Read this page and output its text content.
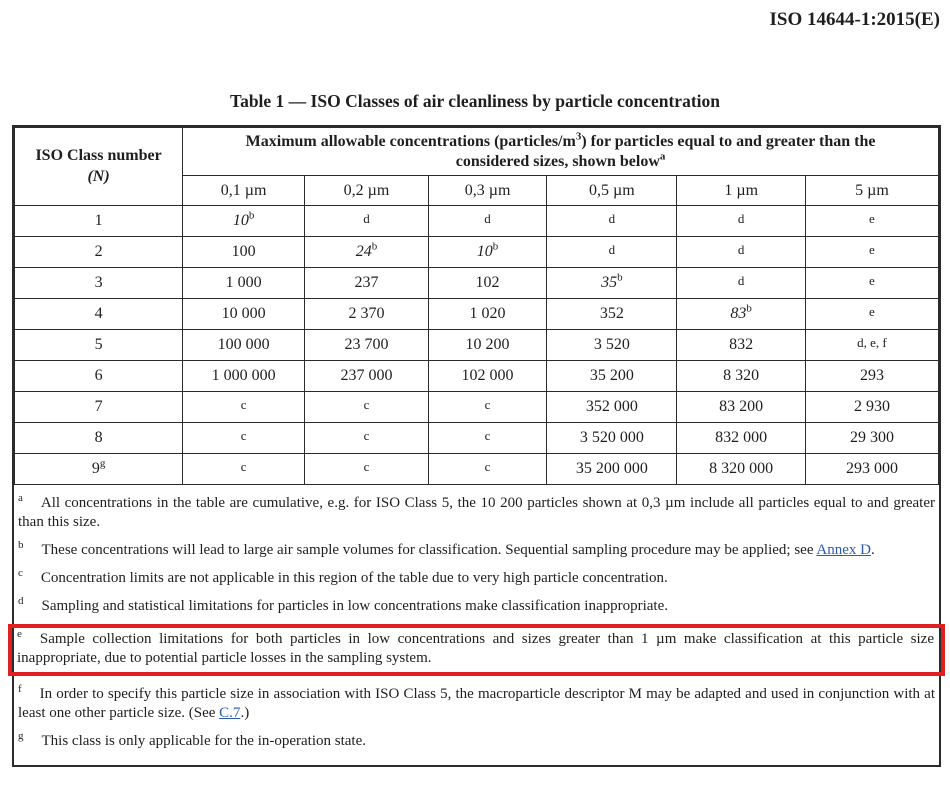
ISO 14644-1:2015(E)
Table 1 — ISO Classes of air cleanliness by particle concentration
ISO Class number
(N)	Maximum allowable concentrations $(particles/m^3)$ for particles equal to and greater than the considered sizes, shown below$^a$
	0,1 µm	0,2 µm	0,3 µm	0,5 µm	1 µm	5 µm
1	10$^b$	d	d	d	d	e
2	100	24$^b$	10$^b$	d	d	e
3	1 000	237	102	35$^b$	d	e
4	10 000	2 370	1 020	352	83$^b$	e
5	100 000	23 700	10 200	3 520	832	d, e, f
6	1 000 000	237 000	102 000	35 200	8 320	293
7	c	c	c	352 000	83 200	2 930
8	c	c	c	3 520 000	832 000	29 300
9$^g$	c	c	c	35 200 000	8 320 000	293 000
$^a$ All concentrations in the table are cumulative, e.g. for ISO Class 5, the 10 200 particles shown at 0,3 µm include all particles equal to and greater than this size.
$^b$ These concentrations will lead to large air sample volumes for classification. Sequential sampling procedure may be applied; see Annex D.
$^c$ Concentration limits are not applicable in this region of the table due to very high particle concentration.
$^d$ Sampling and statistical limitations for particles in low concentrations make classification inappropriate.
$^e$ Sample collection limitations for both particles in low concentrations and sizes greater than 1 µm make classification at this particle size inappropriate, due to potential particle losses in the sampling system.
$^f$ In order to specify this particle size in association with ISO Class 5, the macroparticle descriptor M may be adapted and used in conjunction with at least one other particle size. (See C.7.)
$^g$ This class is only applicable for the in-operation state.
